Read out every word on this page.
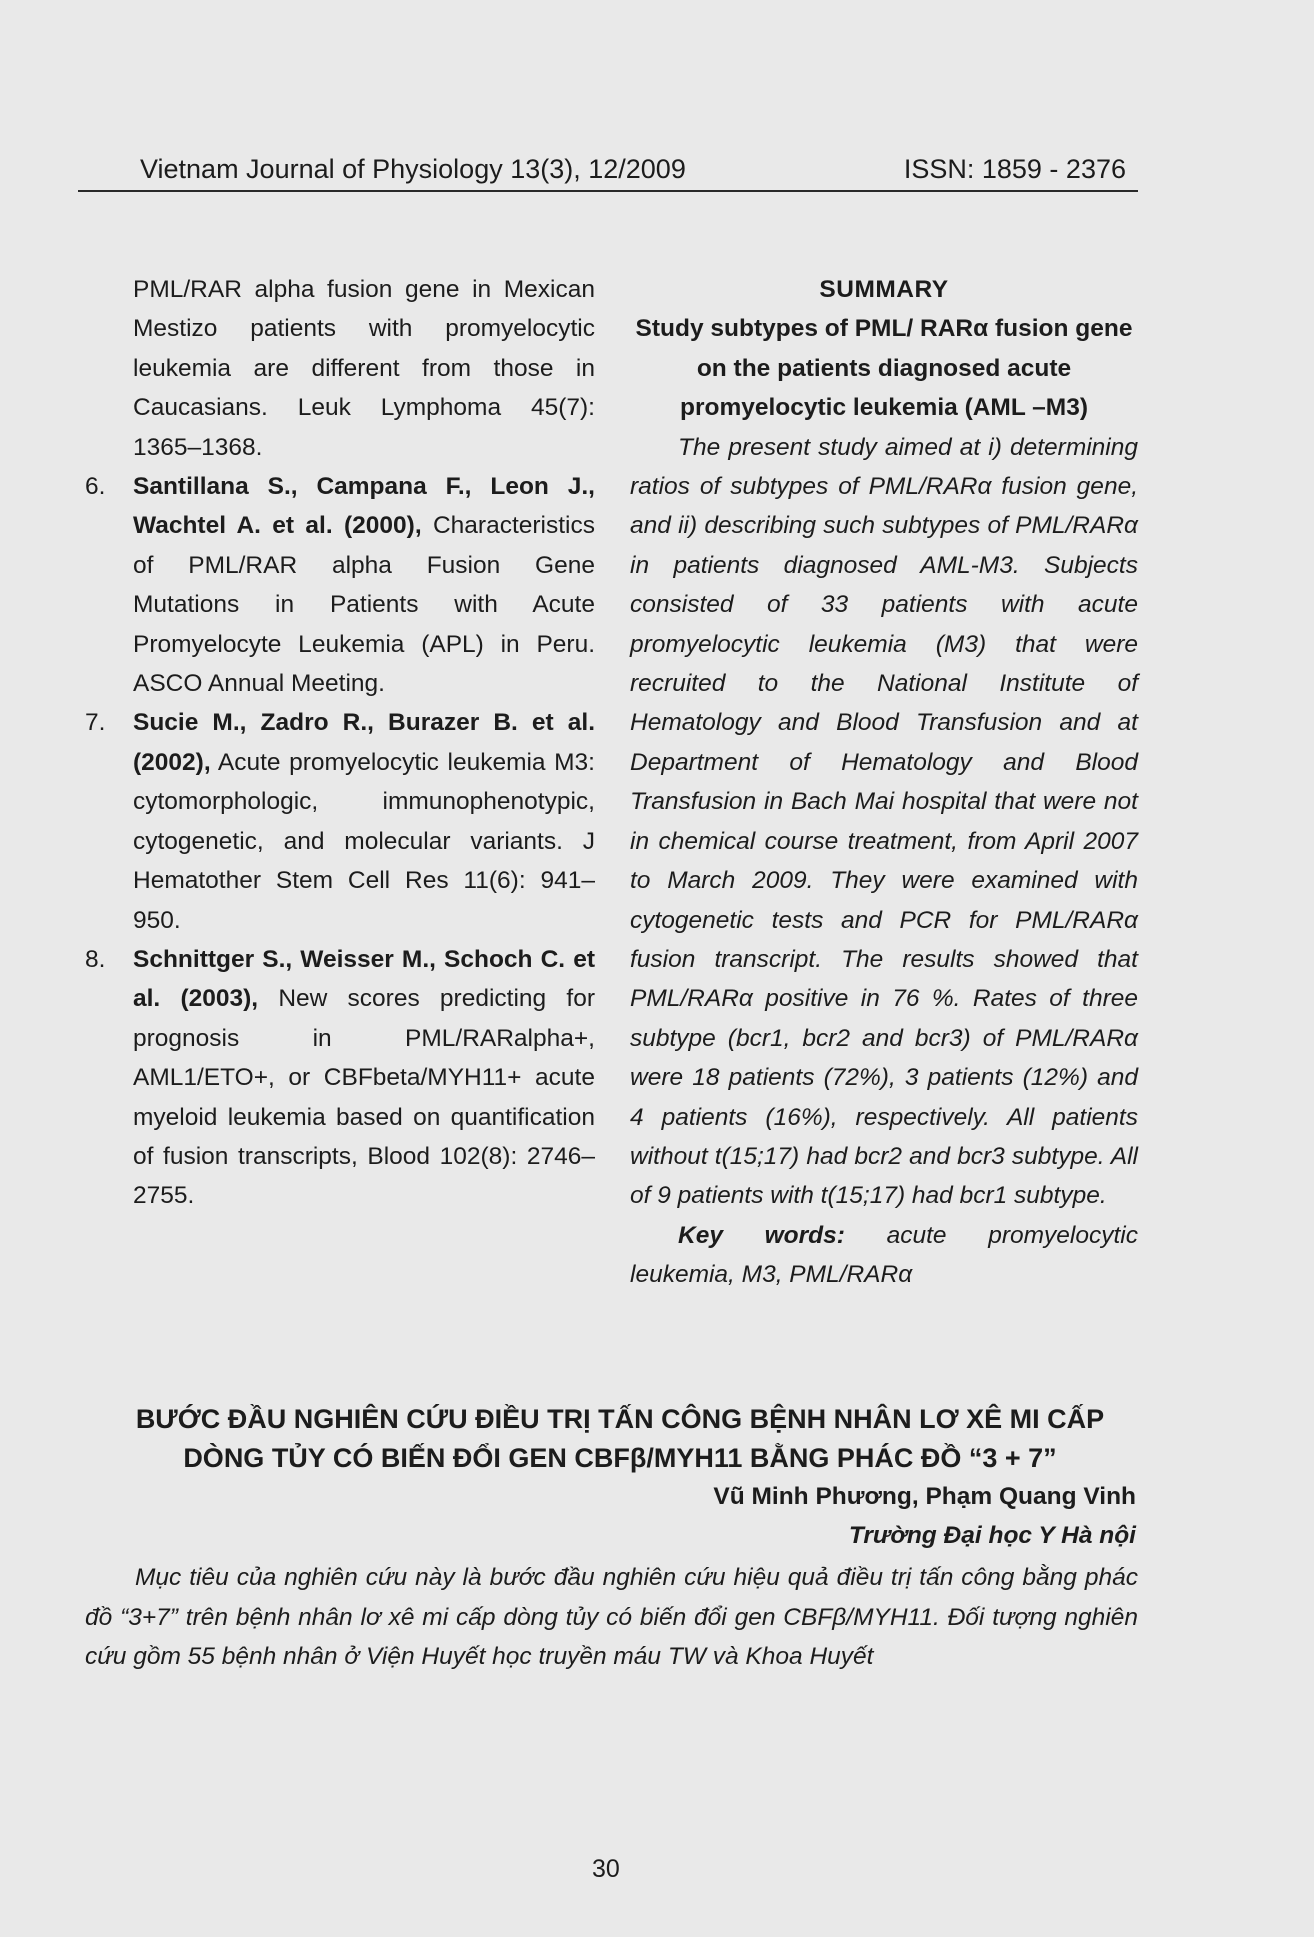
Vietnam Journal of Physiology 13(3), 12/2009	ISSN: 1859 - 2376
PML/RAR alpha fusion gene in Mexican Mestizo patients with promyelocytic leukemia are different from those in Caucasians. Leuk Lymphoma 45(7): 1365–1368.
6. Santillana S., Campana F., Leon J., Wachtel A. et al. (2000), Characteristics of PML/RAR alpha Fusion Gene Mutations in Patients with Acute Promyelocyte Leukemia (APL) in Peru. ASCO Annual Meeting.
7. Sucie M., Zadro R., Burazer B. et al. (2002), Acute promyelocytic leukemia M3: cytomorphologic, immunophenotypic, cytogenetic, and molecular variants. J Hematother Stem Cell Res 11(6): 941–950.
8. Schnittger S., Weisser M., Schoch C. et al. (2003), New scores predicting for prognosis in PML/RARalpha+, AML1/ETO+, or CBFbeta/MYH11+ acute myeloid leukemia based on quantification of fusion transcripts, Blood 102(8): 2746–2755.
SUMMARY
Study subtypes of PML/ RARα fusion gene on the patients diagnosed acute promyelocytic leukemia (AML –M3)
The present study aimed at i) determining ratios of subtypes of PML/RARα fusion gene, and ii) describing such subtypes of PML/RARα in patients diagnosed AML-M3. Subjects consisted of 33 patients with acute promyelocytic leukemia (M3) that were recruited to the National Institute of Hematology and Blood Transfusion and at Department of Hematology and Blood Transfusion in Bach Mai hospital that were not in chemical course treatment, from April 2007 to March 2009. They were examined with cytogenetic tests and PCR for PML/RARα fusion transcript. The results showed that PML/RARα positive in 76 %. Rates of three subtype (bcr1, bcr2 and bcr3) of PML/RARα were 18 patients (72%), 3 patients (12%) and 4 patients (16%), respectively. All patients without t(15;17) had bcr2 and bcr3 subtype. All of 9 patients with t(15;17) had bcr1 subtype.
Key words: acute promyelocytic leukemia, M3, PML/RARα
BƯỚC ĐẦU NGHIÊN CỨU ĐIỀU TRỊ TẤN CÔNG BỆNH NHÂN LƠ XÊ MI CẤP
DÒNG TỦY CÓ BIẾN ĐỔI GEN CBFβ/MYH11 BẰNG PHÁC ĐỒ “3 + 7”
Vũ Minh Phương, Phạm Quang Vinh
Trường Đại học Y Hà nội
Mục tiêu của nghiên cứu này là bước đầu nghiên cứu hiệu quả điều trị tấn công bằng phác đồ “3+7” trên bệnh nhân lơ xê mi cấp dòng tủy có biến đổi gen CBFβ/MYH11. Đối tượng nghiên cứu gồm 55 bệnh nhân ở Viện Huyết học truyền máu TW và Khoa Huyết
30
